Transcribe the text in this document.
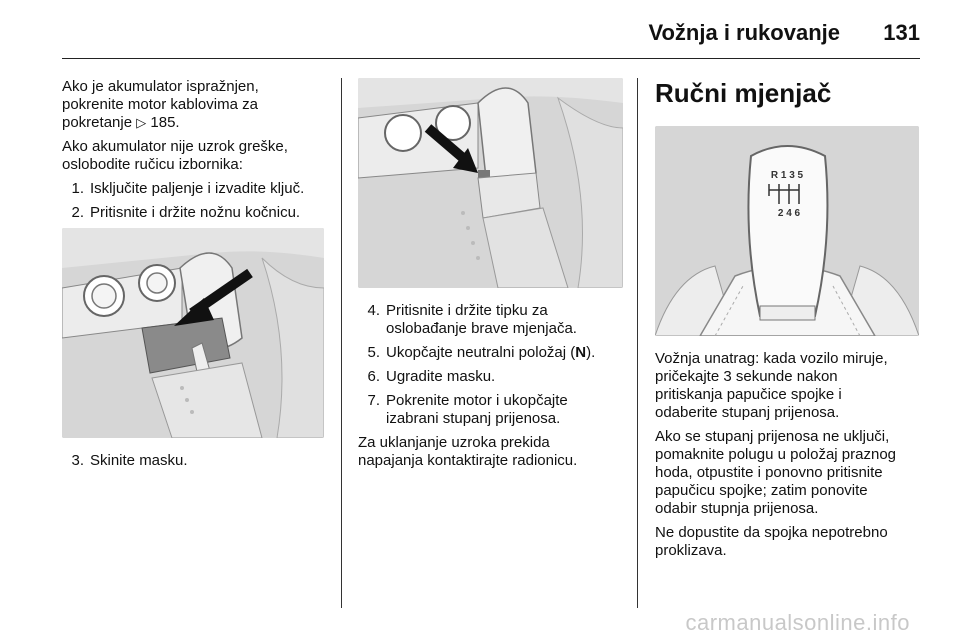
Vožnja i rukovanje 131

Ako je akumulator ispražnjen,
pokrenite motor kablovima za
pokretanje ▷ 185.

Ako akumulator nije uzrok greške,
oslobodite ručicu izbornika:

1. Isključite paljenje i izvadite ključ.
2. Pritisnite i držite nožnu kočnicu.
3. Skinite masku.
4. Pritisnite i držite tipku za
oslobađanje brave mjenjača.
5. Ukopčajte neutralni položaj (N).
6. Ugradite masku.
7. Pokrenite motor i ukopčajte
izabrani stupanj prijenosa.

Za uklanjanje uzroka prekida
napajanja kontaktirajte radionicu.

Ručni mjenjač
R 1 3 5
2 4 6

Vožnja unatrag: kada vozilo miruje,
pričekajte 3 sekunde nakon
pritiskanja papučice spojke i
odaberite stupanj prijenosa.

Ako se stupanj prijenosa ne uključi,
pomaknite polugu u položaj praznog
hoda, otpustite i ponovno pritisnite
papučicu spojke; zatim ponovite
odabir stupnja prijenosa.

Ne dopustite da spojka nepotrebno
proklizava.

carmanualsonline.info
